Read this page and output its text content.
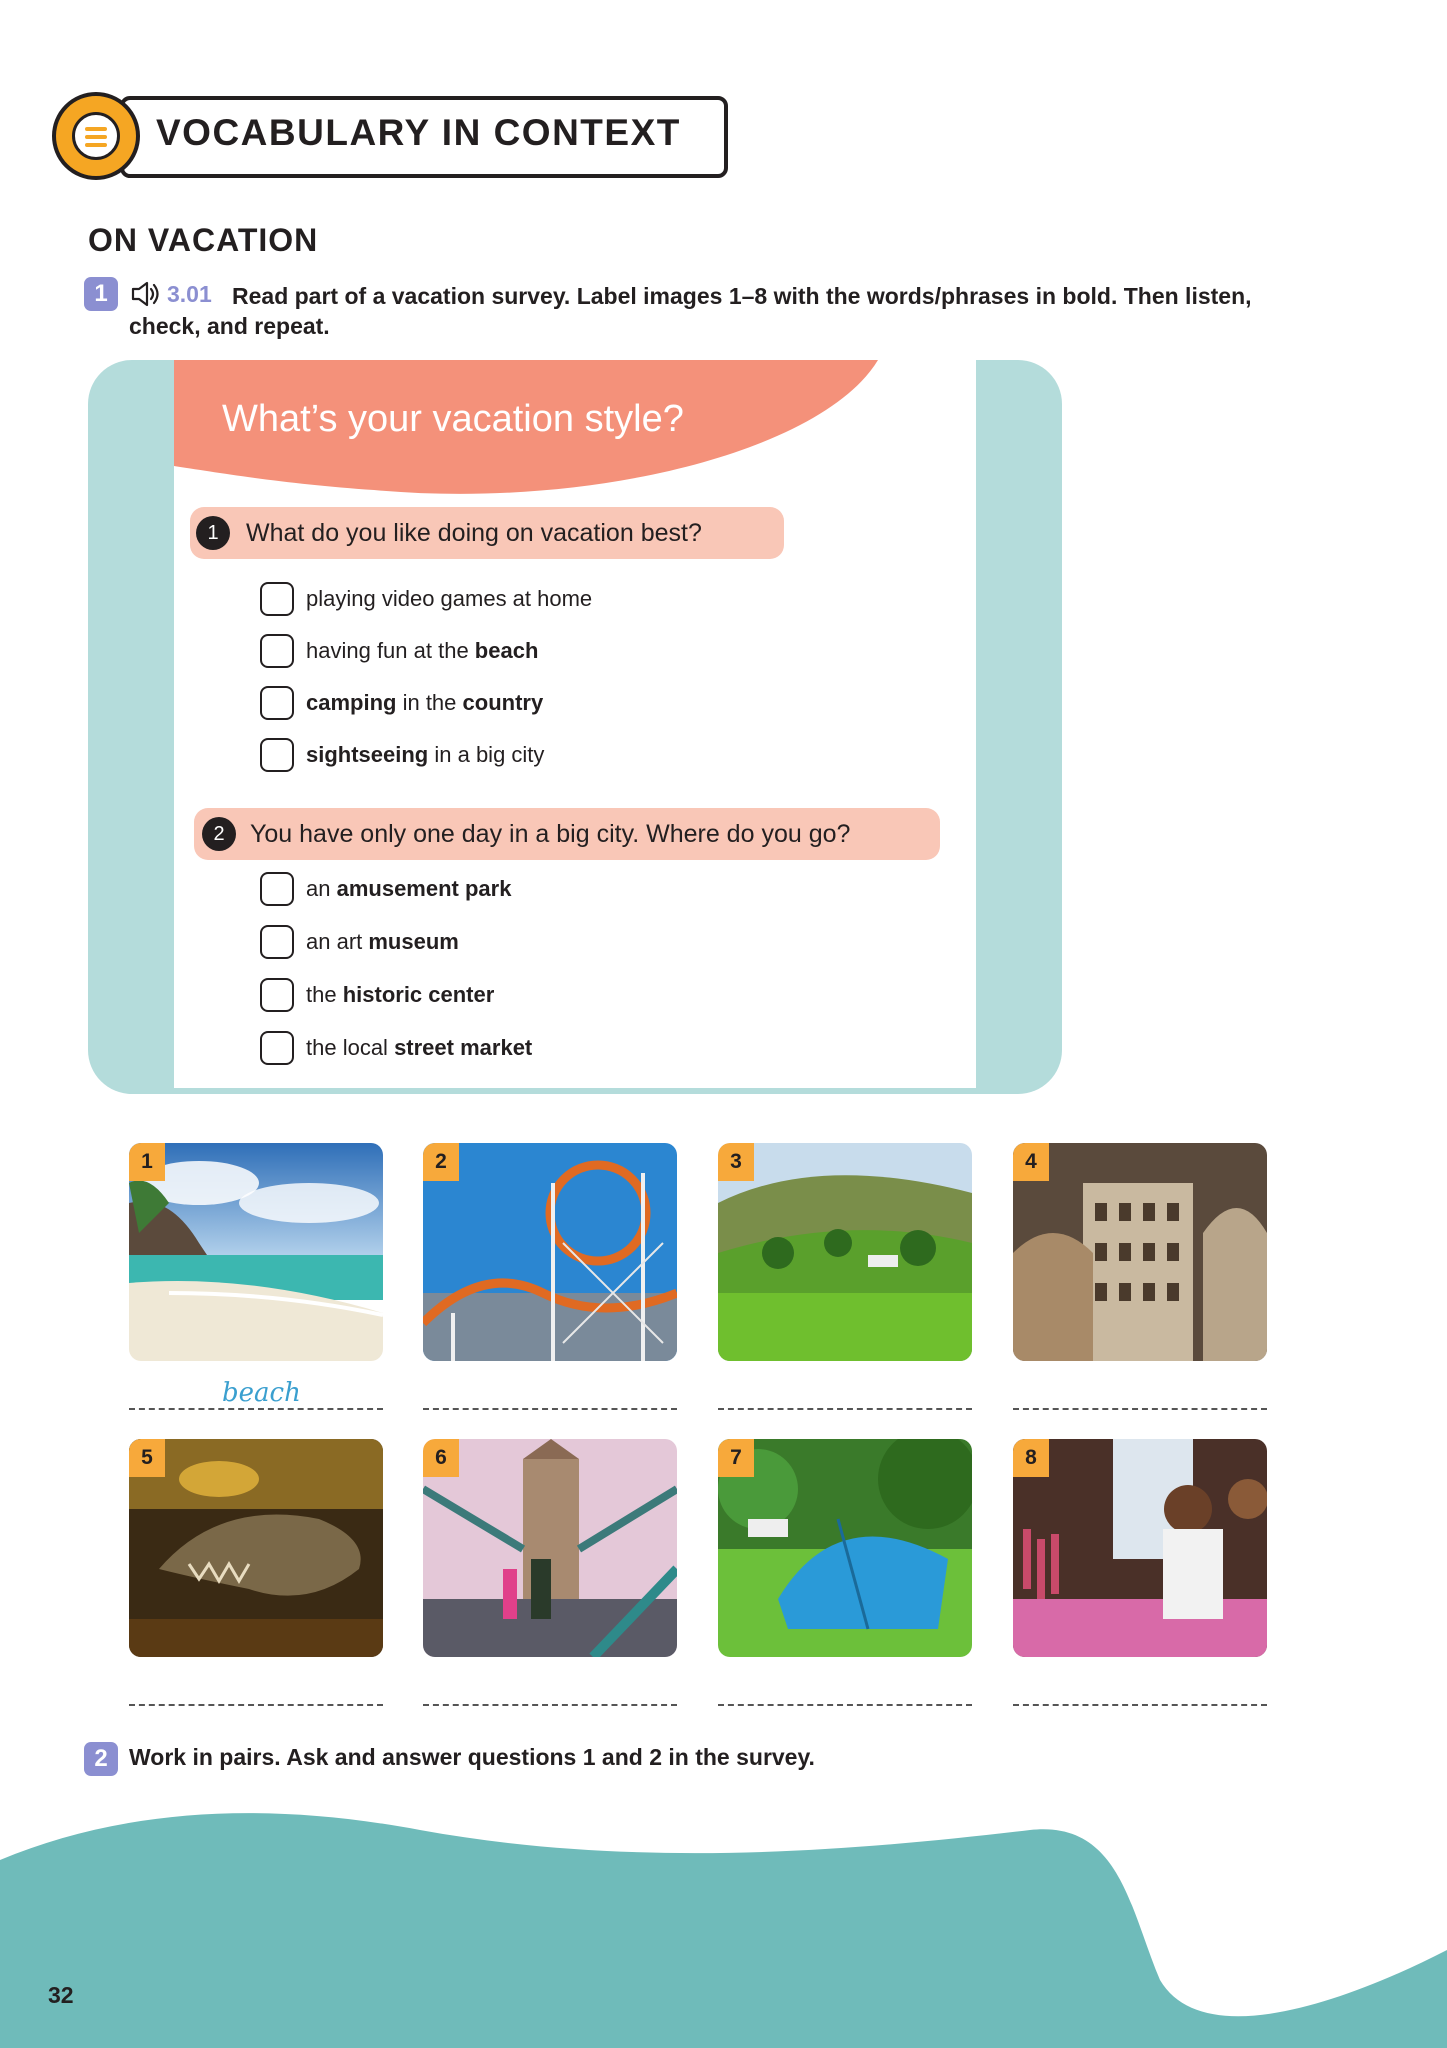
VOCABULARY IN CONTEXT
ON VACATION
1	3.01 Read part of a vacation survey. Label images 1–8 with the words/phrases in bold. Then listen,
check, and repeat.
What’s your vacation style?
1	What do you like doing on vacation best?
playing video games at home
having fun at the beach
camping in the country
sightseeing in a big city
2	You have only one day in a big city. Where do you go?
an amusement park
an art museum
the historic center
the local street market
1	2	3	4
beach
5	6	7	8
2 Work in pairs. Ask and answer questions 1 and 2 in the survey.
32
